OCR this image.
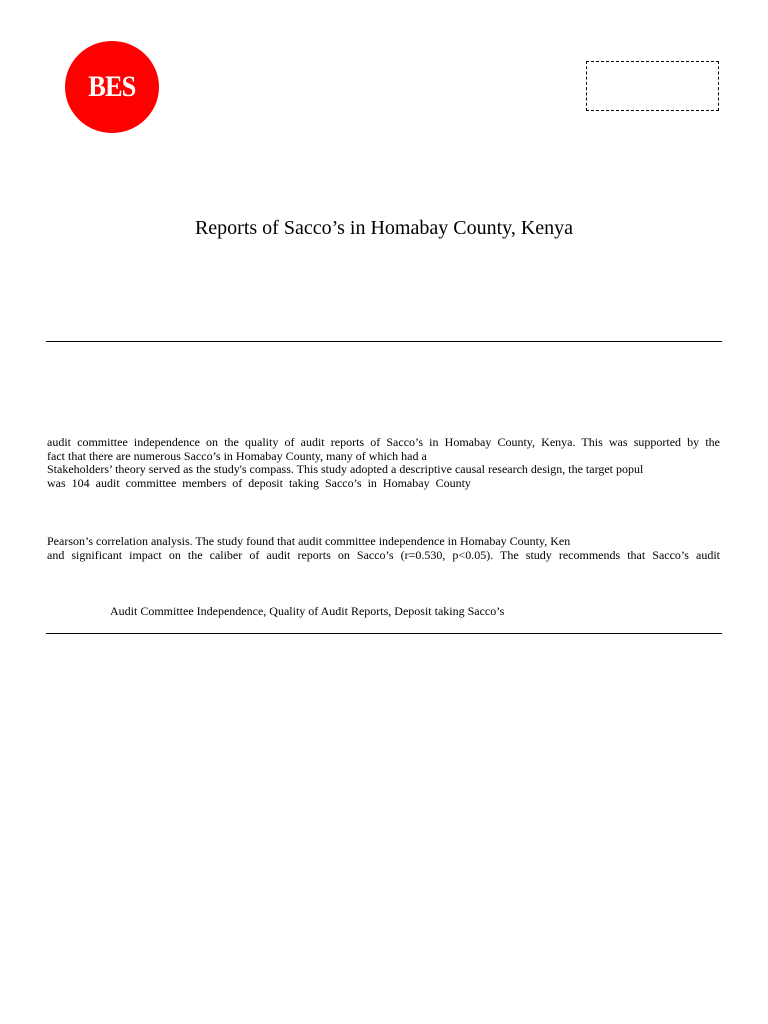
BES
Reports of Sacco’s in Homabay County, Kenya
audit committee independence on the quality of audit reports of Sacco’s in Homabay County, Kenya. This was supported by the
fact that there are numerous Sacco’s in Homabay County, many of which had a
Stakeholders’ theory served as the study's compass. This study adopted a descriptive causal research design, the target popul
was 104 audit committee members of deposit taking Sacco’s in Homabay County
Pearson’s correlation analysis. The study found that audit committee independence in Homabay County, Ken
and significant impact on the caliber of audit reports on Sacco’s (r=0.530, p<0.05). The study recommends that Sacco’s audit
Audit Committee Independence, Quality of Audit Reports, Deposit taking Sacco’s
